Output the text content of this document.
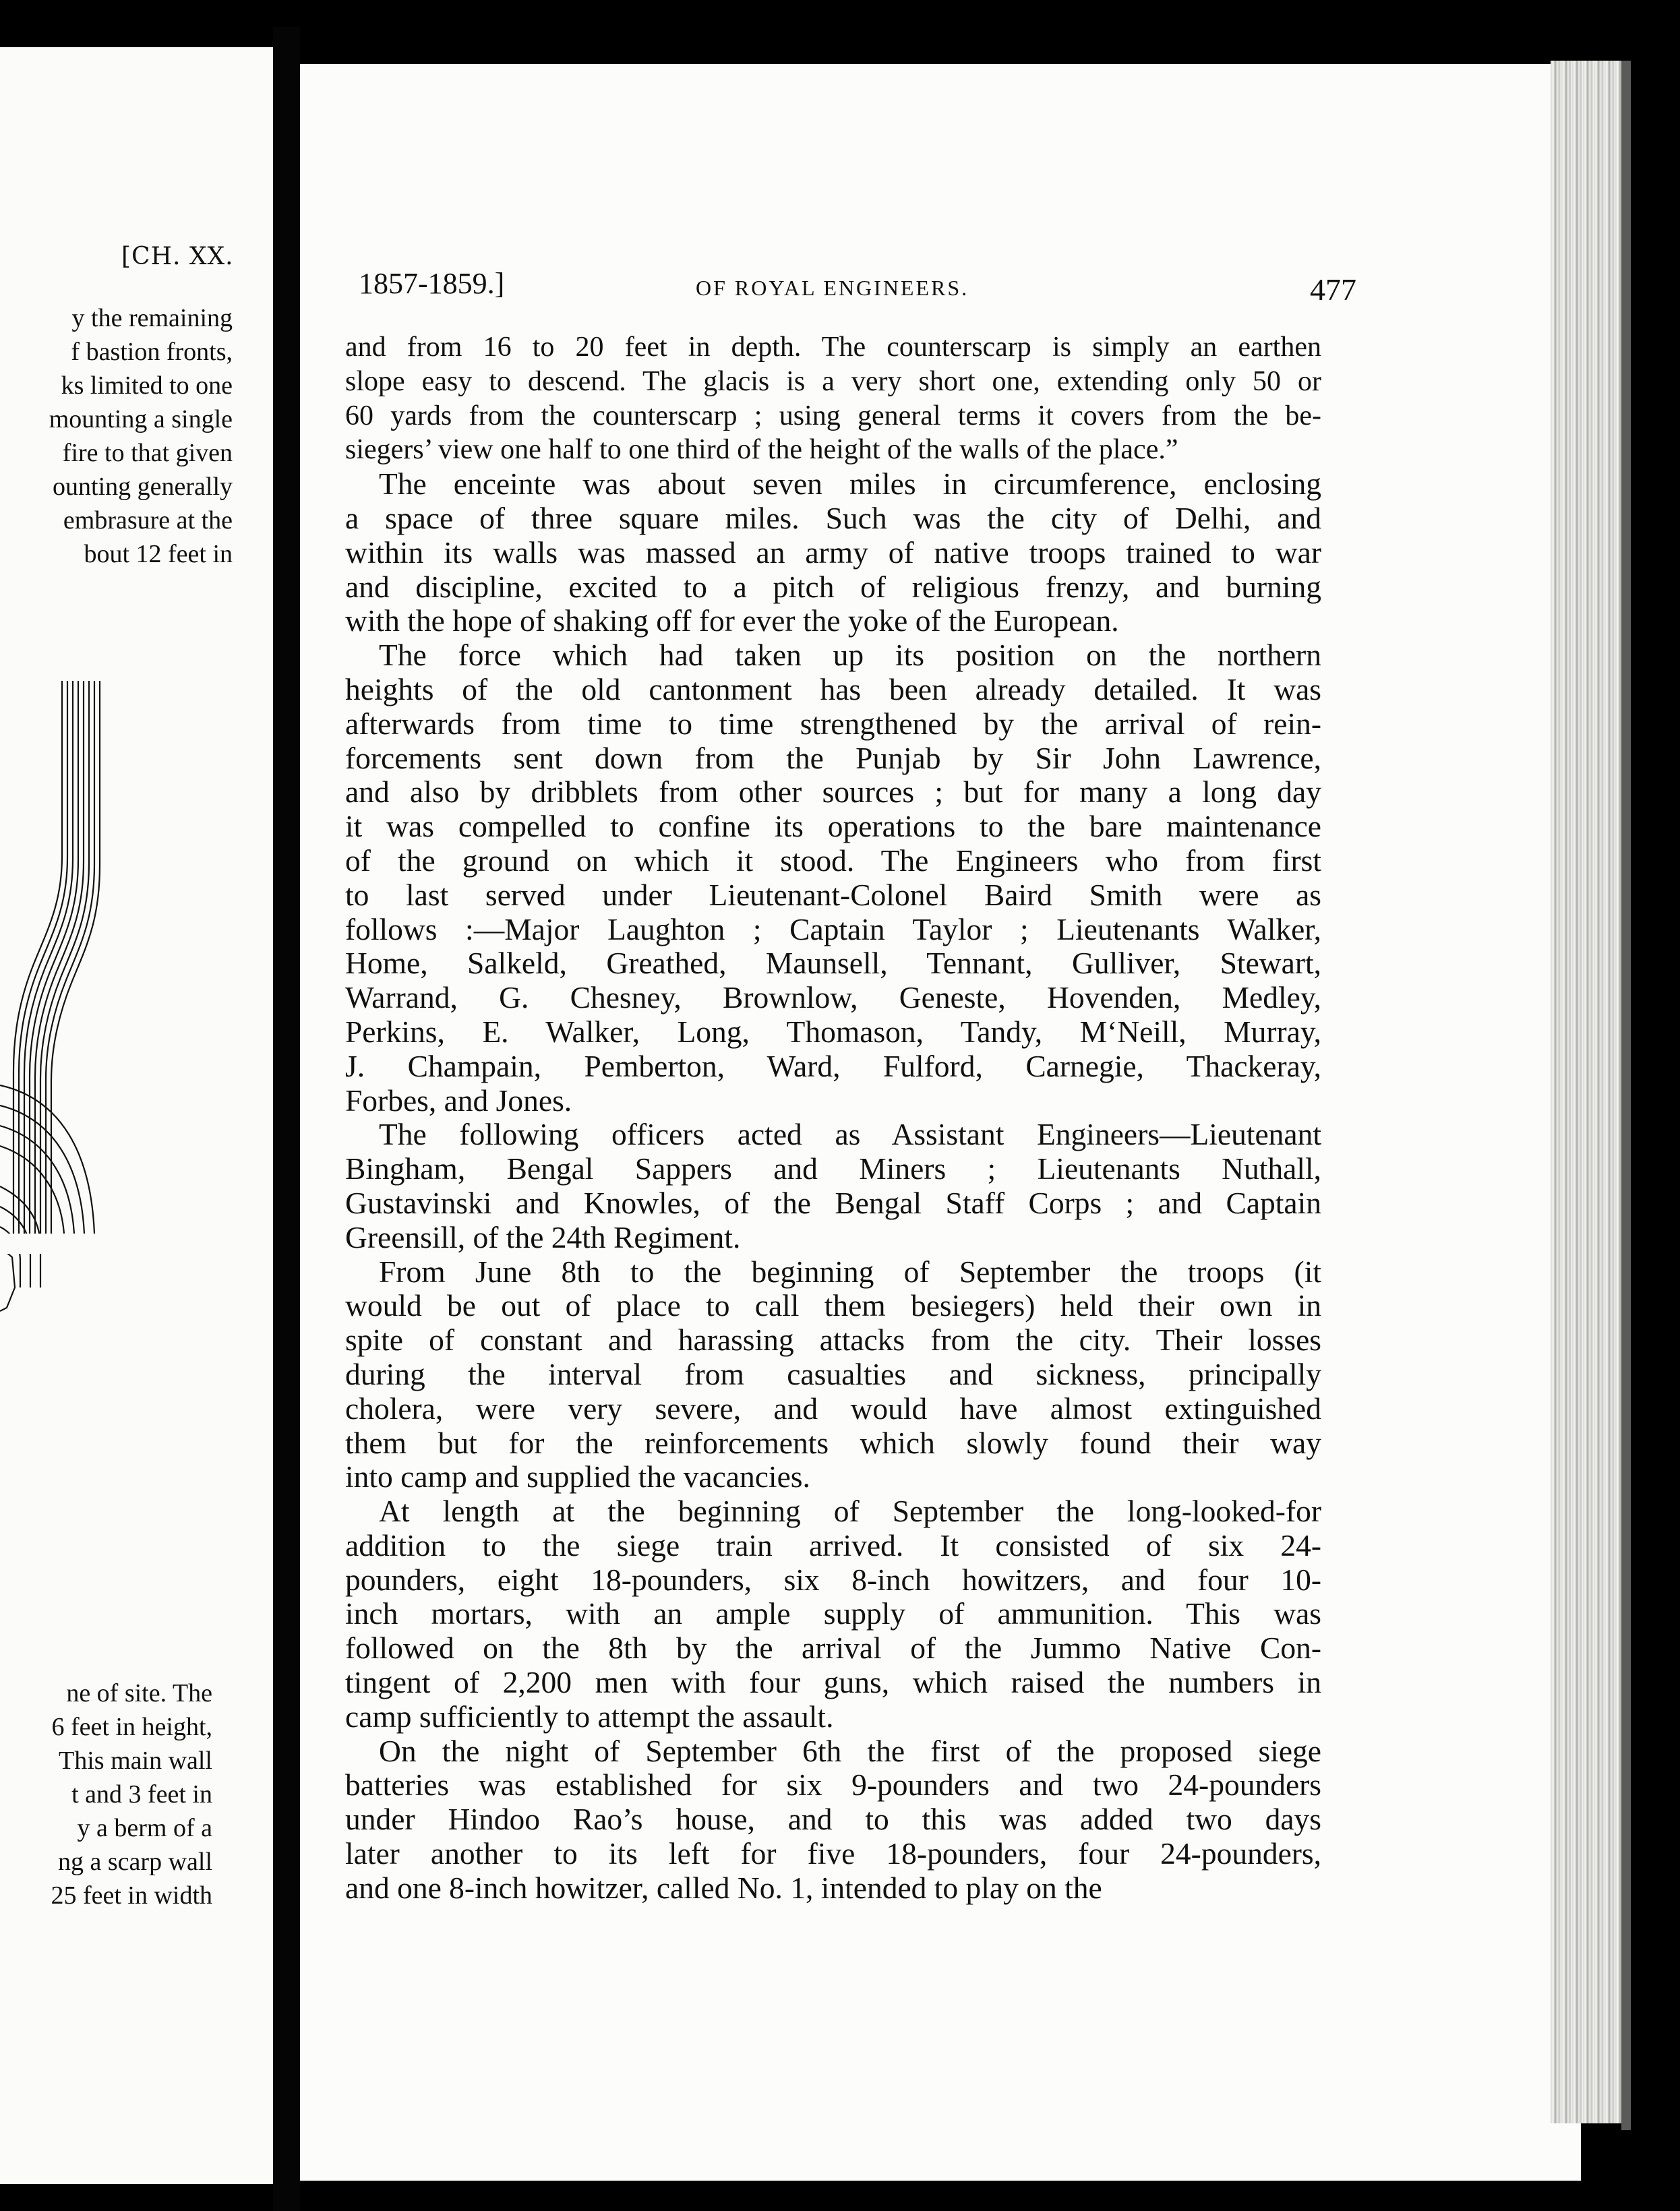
[CH. XX.
y the remaining
f bastion fronts,
ks limited to one
mounting a single
fire to that given
ounting generally
embrasure at the
bout 12 feet in
ne of site. The
6 feet in height,
This main wall
t and 3 feet in
y a berm of a
ng a scarp wall
25 feet in width
1857-1859.]	OF ROYAL ENGINEERS.	477
and from 16 to 20 feet in depth. The counterscarp is simply an earthen
slope easy to descend. The glacis is a very short one, extending only 50 or
60 yards from the counterscarp ; using general terms it covers from the be-
siegers’ view one half to one third of the height of the walls of the place.”
The enceinte was about seven miles in circumference, enclosing
a space of three square miles. Such was the city of Delhi, and
within its walls was massed an army of native troops trained to war
and discipline, excited to a pitch of religious frenzy, and burning
with the hope of shaking off for ever the yoke of the European.
The force which had taken up its position on the northern
heights of the old cantonment has been already detailed. It was
afterwards from time to time strengthened by the arrival of rein-
forcements sent down from the Punjab by Sir John Lawrence,
and also by dribblets from other sources ; but for many a long day
it was compelled to confine its operations to the bare maintenance
of the ground on which it stood. The Engineers who from first
to last served under Lieutenant-Colonel Baird Smith were as
follows :—Major Laughton ; Captain Taylor ; Lieutenants Walker,
Home, Salkeld, Greathed, Maunsell, Tennant, Gulliver, Stewart,
Warrand, G. Chesney, Brownlow, Geneste, Hovenden, Medley,
Perkins, E. Walker, Long, Thomason, Tandy, M‘Neill, Murray,
J. Champain, Pemberton, Ward, Fulford, Carnegie, Thackeray,
Forbes, and Jones.
The following officers acted as Assistant Engineers—Lieutenant
Bingham, Bengal Sappers and Miners ; Lieutenants Nuthall,
Gustavinski and Knowles, of the Bengal Staff Corps ; and Captain
Greensill, of the 24th Regiment.
From June 8th to the beginning of September the troops (it
would be out of place to call them besiegers) held their own in
spite of constant and harassing attacks from the city. Their losses
during the interval from casualties and sickness, principally
cholera, were very severe, and would have almost extinguished
them but for the reinforcements which slowly found their way
into camp and supplied the vacancies.
At length at the beginning of September the long-looked-for
addition to the siege train arrived. It consisted of six 24-
pounders, eight 18-pounders, six 8-inch howitzers, and four 10-
inch mortars, with an ample supply of ammunition. This was
followed on the 8th by the arrival of the Jummo Native Con-
tingent of 2,200 men with four guns, which raised the numbers in
camp sufficiently to attempt the assault.
On the night of September 6th the first of the proposed siege
batteries was established for six 9-pounders and two 24-pounders
under Hindoo Rao’s house, and to this was added two days
later another to its left for five 18-pounders, four 24-pounders,
and one 8-inch howitzer, called No. 1, intended to play on the
